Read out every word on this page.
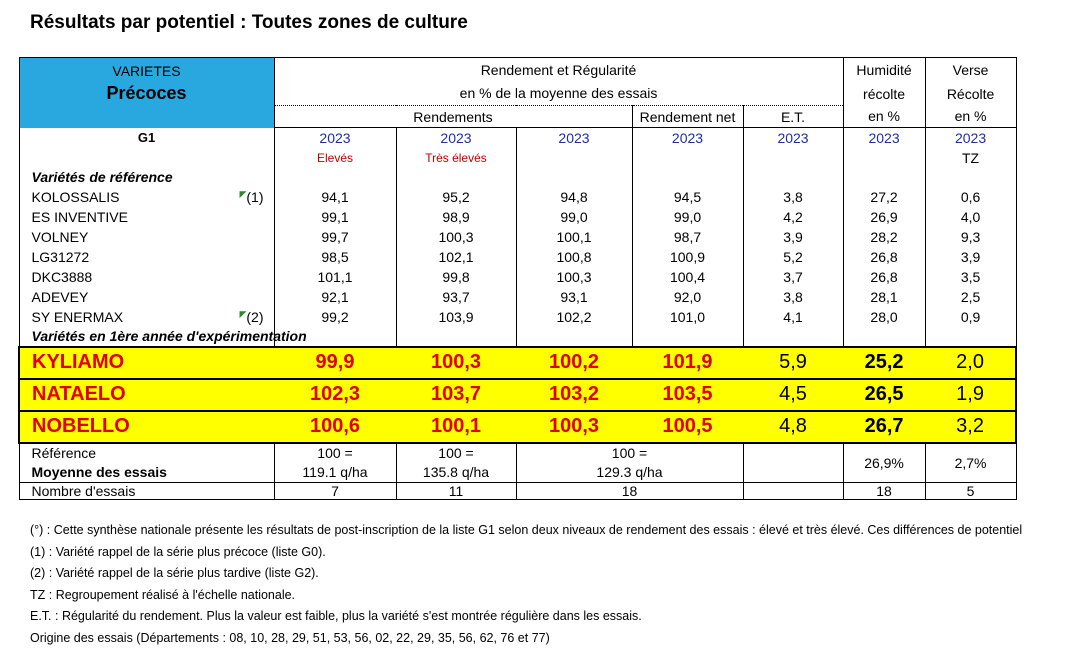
Résultats par potentiel : Toutes zones de culture
VARIETES	Rendement et Régularité					Humidité	Verse
Précoces	en % de la moyenne des essais					récolte	Récolte
	Rendements			Rendement net	E.T.	en %	en %
G1	2023	2023	2023	2023	2023	2023	2023
	Elevés	Très élevés					TZ
Variétés de référence							
KOLOSSALIS ◤(1)	94,1	95,2	94,8	94,5	3,8	27,2	0,6
ES INVENTIVE	99,1	98,9	99,0	99,0	4,2	26,9	4,0
VOLNEY	99,7	100,3	100,1	98,7	3,9	28,2	9,3
LG31272	98,5	102,1	100,8	100,9	5,2	26,8	3,9
DKC3888	101,1	99,8	100,3	100,4	3,7	26,8	3,5
ADEVEY	92,1	93,7	93,1	92,0	3,8	28,1	2,5
SY ENERMAX ◤(2)	99,2	103,9	102,2	101,0	4,1	28,0	0,9
Variétés en 1ère année d'expérimentation							
KYLIAMO	99,9	100,3	100,2	101,9	5,9	25,2	2,0
NATAELO	102,3	103,7	103,2	103,5	4,5	26,5	1,9
NOBELLO	100,6	100,1	100,3	100,5	4,8	26,7	3,2
Référence	100 =	100 =	100 =			26,9%	2,7%
Moyenne des essais	119.1 q/ha	135.8 q/ha	129.3 q/ha				
Nombre d'essais	7	11	18			18	5
(°) : Cette synthèse nationale présente les résultats de post-inscription de la liste G1 selon deux niveaux de rendement des essais : élevé et très élevé. Ces différences de potentiel
(1) : Variété rappel de la série plus précoce (liste G0).
(2) : Variété rappel de la série plus tardive (liste G2).
TZ : Regroupement réalisé à l'échelle nationale.
E.T. : Régularité du rendement. Plus la valeur est faible, plus la variété s'est montrée régulière dans les essais.
Origine des essais (Départements : 08, 10, 28, 29, 51, 53, 56, 02, 22, 29, 35, 56, 62, 76 et 77)
